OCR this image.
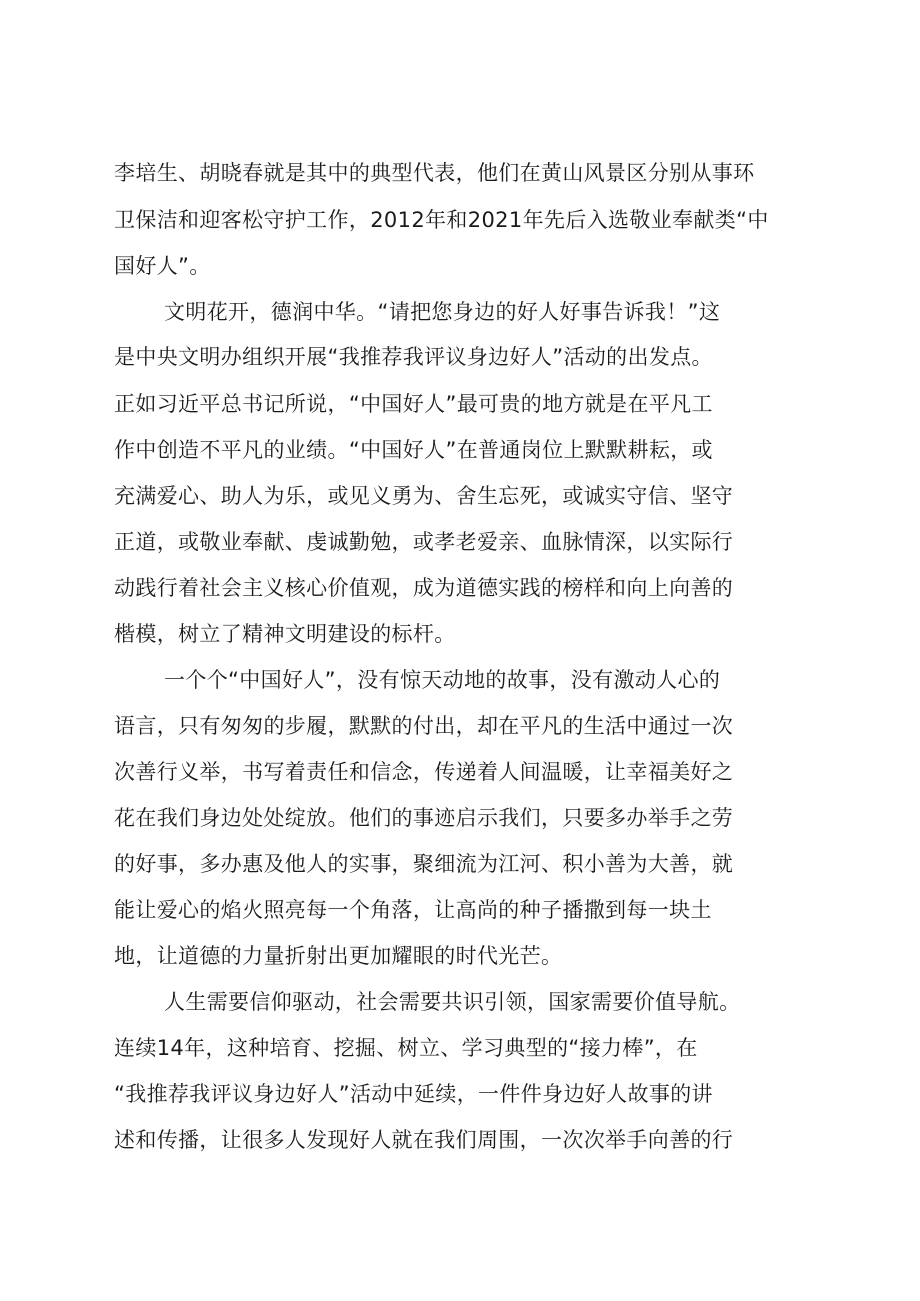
李培生、胡晓春就是其中的典型代表，他们在黄山风景区分别从事环
卫保洁和迎客松守护工作，2012年和2021年先后入选敬业奉献类“中
国好人”。
文明花开，德润中华。“请把您身边的好人好事告诉我！”这
是中央文明办组织开展“我推荐我评议身边好人”活动的出发点。
正如习近平总书记所说，“中国好人”最可贵的地方就是在平凡工
作中创造不平凡的业绩。“中国好人”在普通岗位上默默耕耘，或
充满爱心、助人为乐，或见义勇为、舍生忘死，或诚实守信、坚守
正道，或敬业奉献、虔诚勤勉，或孝老爱亲、血脉情深，以实际行
动践行着社会主义核心价值观，成为道德实践的榜样和向上向善的
楷模，树立了精神文明建设的标杆。
一个个“中国好人”，没有惊天动地的故事，没有激动人心的
语言，只有匆匆的步履，默默的付出，却在平凡的生活中通过一次
次善行义举，书写着责任和信念，传递着人间温暖，让幸福美好之
花在我们身边处处绽放。他们的事迹启示我们，只要多办举手之劳
的好事，多办惠及他人的实事，聚细流为江河、积小善为大善，就
能让爱心的焰火照亮每一个角落，让高尚的种子播撒到每一块土
地，让道德的力量折射出更加耀眼的时代光芒。
人生需要信仰驱动，社会需要共识引领，国家需要价值导航。
连续14年，这种培育、挖掘、树立、学习典型的“接力棒”，在
“我推荐我评议身边好人”活动中延续，一件件身边好人故事的讲
述和传播，让很多人发现好人就在我们周围，一次次举手向善的行
